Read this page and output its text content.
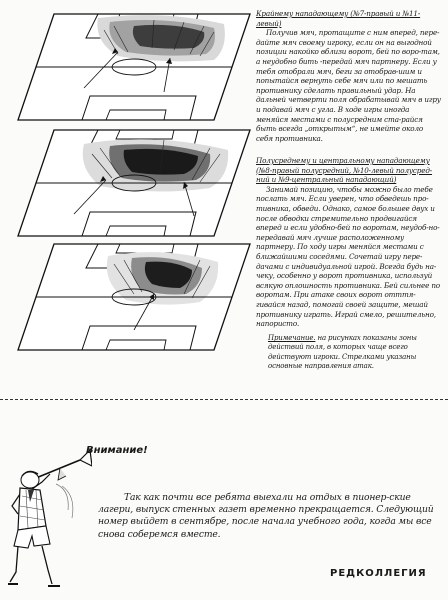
Крайнему нападающему (№7-правый и №11-левый)
Получив мяч, протащите с ним вперед, пере-дайте мяч своему игроку, если он на выгодной позиции накойко вблизи ворот, бей по воро-там, а неудобно бить -передай мяч партнеру. Если у тебя отобрали мяч, беги за отобрав-шим и попытайся вернуть себе мяч или по мешать противнику сделать правильный удар. На дальней четверти поля обрабатывай мяч в игру и подавай мяч с угла. В ходе игры иногда меняйся местами с полусредним ста-райся быть всегда „открытым“, не имейте около себя противника.
Полусреднему и центральному нападающему (№8-правый полусредний, №10-левый полусред-ний и №9-центральный нападающий)
Занимай позицию, чтобы можно было тебе послать мяч. Если уверен, что обведешь про-тивника, обведи. Однако, самое большее двух и после обводки стремительно продвигайся вперед и если удобно-бей по воротам, неудоб-но-передавай мяч лучше расположенному партнеру. По ходу игры меняйся местами с ближайшими соседями. Сочетай игру пере-дачами с индивидуальной игрой. Всегда будь на-чеку, особенно у ворот противника, используй всякую оплошность противника. Бей сильнее по воротам. При атаке своих ворот отття-гивайся назад, помогай своей защите, мешай противнику играть. Играй смело, решительно, напористо.
Примечание. на рисунках показаны зоны действий поля, в которых чаще всего действуют игроки. Стрелками указаны основные направления атак.
Внимание!
Так как почти все ребята выехали на отдых в пионер-ские лагери, выпуск стенных газет временно прекращается. Следующий номер выйдет в сентябре, после начала учебного года, когда мы все снова соберемся вместе.
РЕДКОЛЛЕГИЯ
